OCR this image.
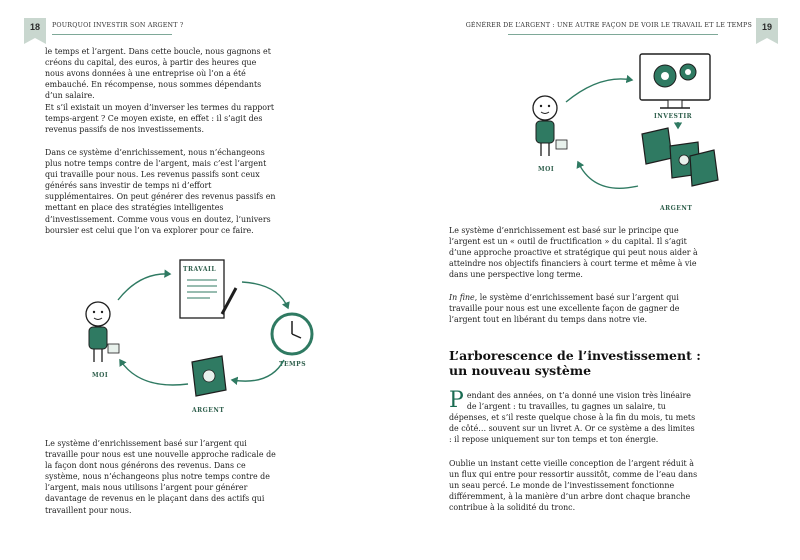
18	POURQUOI INVESTIR SON ARGENT ?

le temps et l’argent. Dans cette boucle, nous gagnons et créons du capital, des euros, à partir des heures que nous avons données à une entreprise où l’on a été embauché. En récompense, nous sommes dépendants d’un salaire.

Et s’il existait un moyen d’inverser les termes du rapport temps-argent ? Ce moyen existe, en effet : il s’agit des revenus passifs de nos investissements.

Dans ce système d’enrichissement, nous n’échangeons plus notre temps contre de l’argent, mais c’est l’argent qui travaille pour nous. Les revenus passifs sont ceux générés sans investir de temps ni d’effort supplémentaires. On peut générer des revenus passifs en mettant en place des stratégies intelligentes d’investissement. Comme vous vous en doutez, l’univers boursier est celui que l’on va explorer pour ce faire.

MOI
TRAVAIL
TEMPS
ARGENT

Le système d’enrichissement basé sur l’argent qui travaille pour nous est une nouvelle approche radicale de la façon dont nous générons des revenus. Dans ce système, nous n’échangeons plus notre temps contre de l’argent, mais nous utilisons l’argent pour générer davantage de revenus en le plaçant dans des actifs qui travaillent pour nous.

GÉNÉRER DE L’ARGENT : UNE AUTRE FAÇON DE VOIR LE TRAVAIL ET LE TEMPS	19
MOI
INVESTIR
ARGENT

Le système d’enrichissement est basé sur le principe que l’argent est un « outil de fructification » du capital. Il s’agit d’une approche proactive et stratégique qui peut nous aider à atteindre nos objectifs financiers à court terme et même à vie dans une perspective long terme.

In fine, le système d’enrichissement basé sur l’argent qui travaille pour nous est une excellente façon de gagner de l’argent tout en libérant du temps dans notre vie.

L’arborescence de l’investissement :
un nouveau système

Pendant des années, on t’a donné une vision très linéaire de l’argent : tu travailles, tu gagnes un salaire, tu dépenses, et s’il reste quelque chose à la fin du mois, tu mets de côté… souvent sur un livret A. Or ce système a des limites : il repose uniquement sur ton temps et ton énergie.

Oublie un instant cette vieille conception de l’argent réduit à un flux qui entre pour ressortir aussitôt, comme de l’eau dans un seau percé. Le monde de l’investissement fonctionne différemment, à la manière d’un arbre dont chaque branche contribue à la solidité du tronc.
